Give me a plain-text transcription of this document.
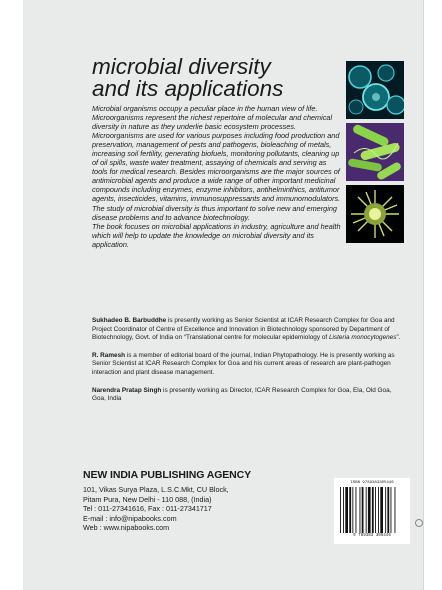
microbial diversity
and its applications
Microbial organisms occupy a peculiar place in the human view of life. Microorganisms represent the richest repertoire of molecular and chemical diversity in nature as they underlie basic ecosystem processes. Microorganisms are used for various purposes including food production and preservation, management of pests and pathogens, bioleaching of metals, increasing soil fertility, generating biofuels, monitoring pollutants, cleaning up of oil spills, waste water treatment, assaying of chemicals and serving as tools for medical research. Besides microorganisms are the major sources of antimicrobial agents and produce a wide range of other important medicinal compounds including enzymes, enzyme inhibitors, antihelminthics, antitumor agents, insecticides, vitamins, immunosuppressants and immunomodulators. The study of microbial diversity is thus important to solve new and emerging disease problems and to advance biotechnology.
The book focuses on microbial applications in industry, agriculture and health which will help to update the knowledge on microbial diversity and its application.

Sukhadeo B. Barbuddhe is presently working as Senior Scientist at ICAR Research Complex for Goa and Project Coordinator of Centre of Excellence and Innovation in Biotechnology sponsored by Department of Biotechnology, Govt. of India on “Translational centre for molecular epidemiology of Listeria monocytogenes”.

R. Ramesh is a member of editorial board of the journal, Indian Phytopathology. He is presently working as Senior Scientist at ICAR Research Complex for Goa and his current areas of research are plant-pathogen interaction and plant disease management.

Narendra Pratap Singh is presently working as Director, ICAR Research Complex for Goa, Ela, Old Goa, Goa, India

NEW INDIA PUBLISHING AGENCY

101, Vikas Surya Plaza, L.S.C.Mkt, CU Block,

Pitam Pura, New Delhi - 110 088, (India)

Tel : 011-27341616, Fax : 011-27341717

E-mail : info@nipabooks.com

Web : www.nipabooks.com

ISBN 9789383305446
9 789383 305446
